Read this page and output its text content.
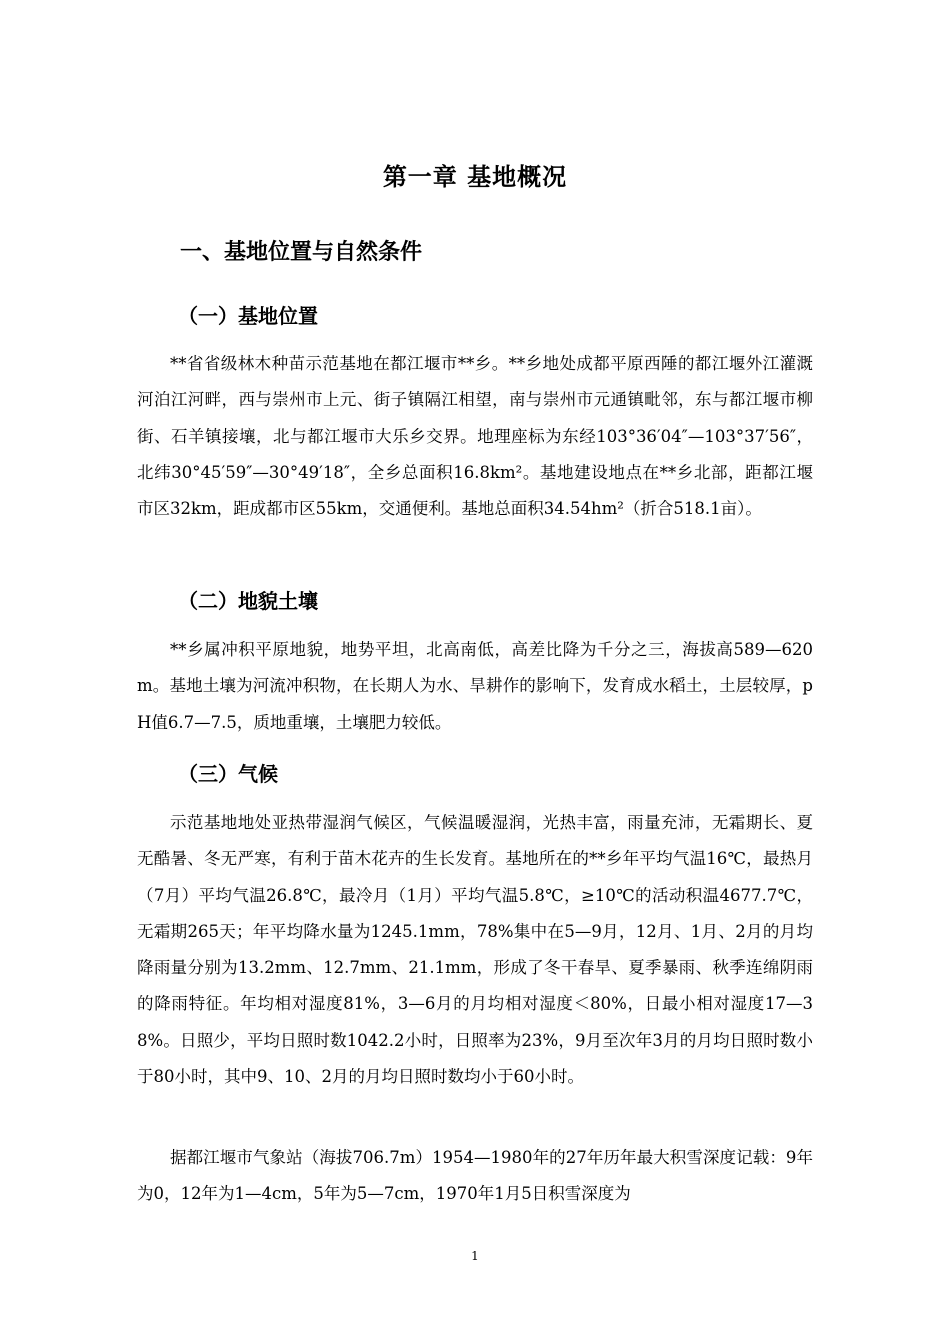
第一章 基地概况
一、基地位置与自然条件
（一）基地位置

**省省级林木种苗示范基地在都江堰市**乡。**乡地处成都平原西陲的都江堰外江灌溉河泊江河畔，西与崇州市上元、街子镇隔江相望，南与崇州市元通镇毗邻，东与都江堰市柳街、石羊镇接壤，北与都江堰市大乐乡交界。地理座标为东经103°36′04″—103°37′56″，北纬30°45′59″—30°49′18″，全乡总面积16.8km²。基地建设地点在**乡北部，距都江堰市区32km，距成都市区55km，交通便利。基地总面积34.54hm²（折合518.1亩）。

（二）地貌土壤

**乡属冲积平原地貌，地势平坦，北高南低，高差比降为千分之三，海拔高589—620m。基地土壤为河流冲积物，在长期人为水、旱耕作的影响下，发育成水稻土，土层较厚，pH值6.7—7.5，质地重壤，土壤肥力较低。

（三）气候

示范基地地处亚热带湿润气候区，气候温暖湿润，光热丰富，雨量充沛，无霜期长、夏无酷暑、冬无严寒，有利于苗木花卉的生长发育。基地所在的**乡年平均气温16℃，最热月（7月）平均气温26.8℃，最冷月（1月）平均气温5.8℃，≥10℃的活动积温4677.7℃，无霜期265天；年平均降水量为1245.1mm，78%集中在5—9月，12月、1月、2月的月均降雨量分别为13.2mm、12.7mm、21.1mm，形成了冬干春旱、夏季暴雨、秋季连绵阴雨的降雨特征。年均相对湿度81%，3—6月的月均相对湿度＜80%，日最小相对湿度17—38%。日照少，平均日照时数1042.2小时，日照率为23%，9月至次年3月的月均日照时数小于80小时，其中9、10、2月的月均日照时数均小于60小时。

据都江堰市气象站（海拔706.7m）1954—1980年的27年历年最大积雪深度记载：9年为0，12年为1—4cm，5年为5—7cm，1970年1月5日积雪深度为

1
